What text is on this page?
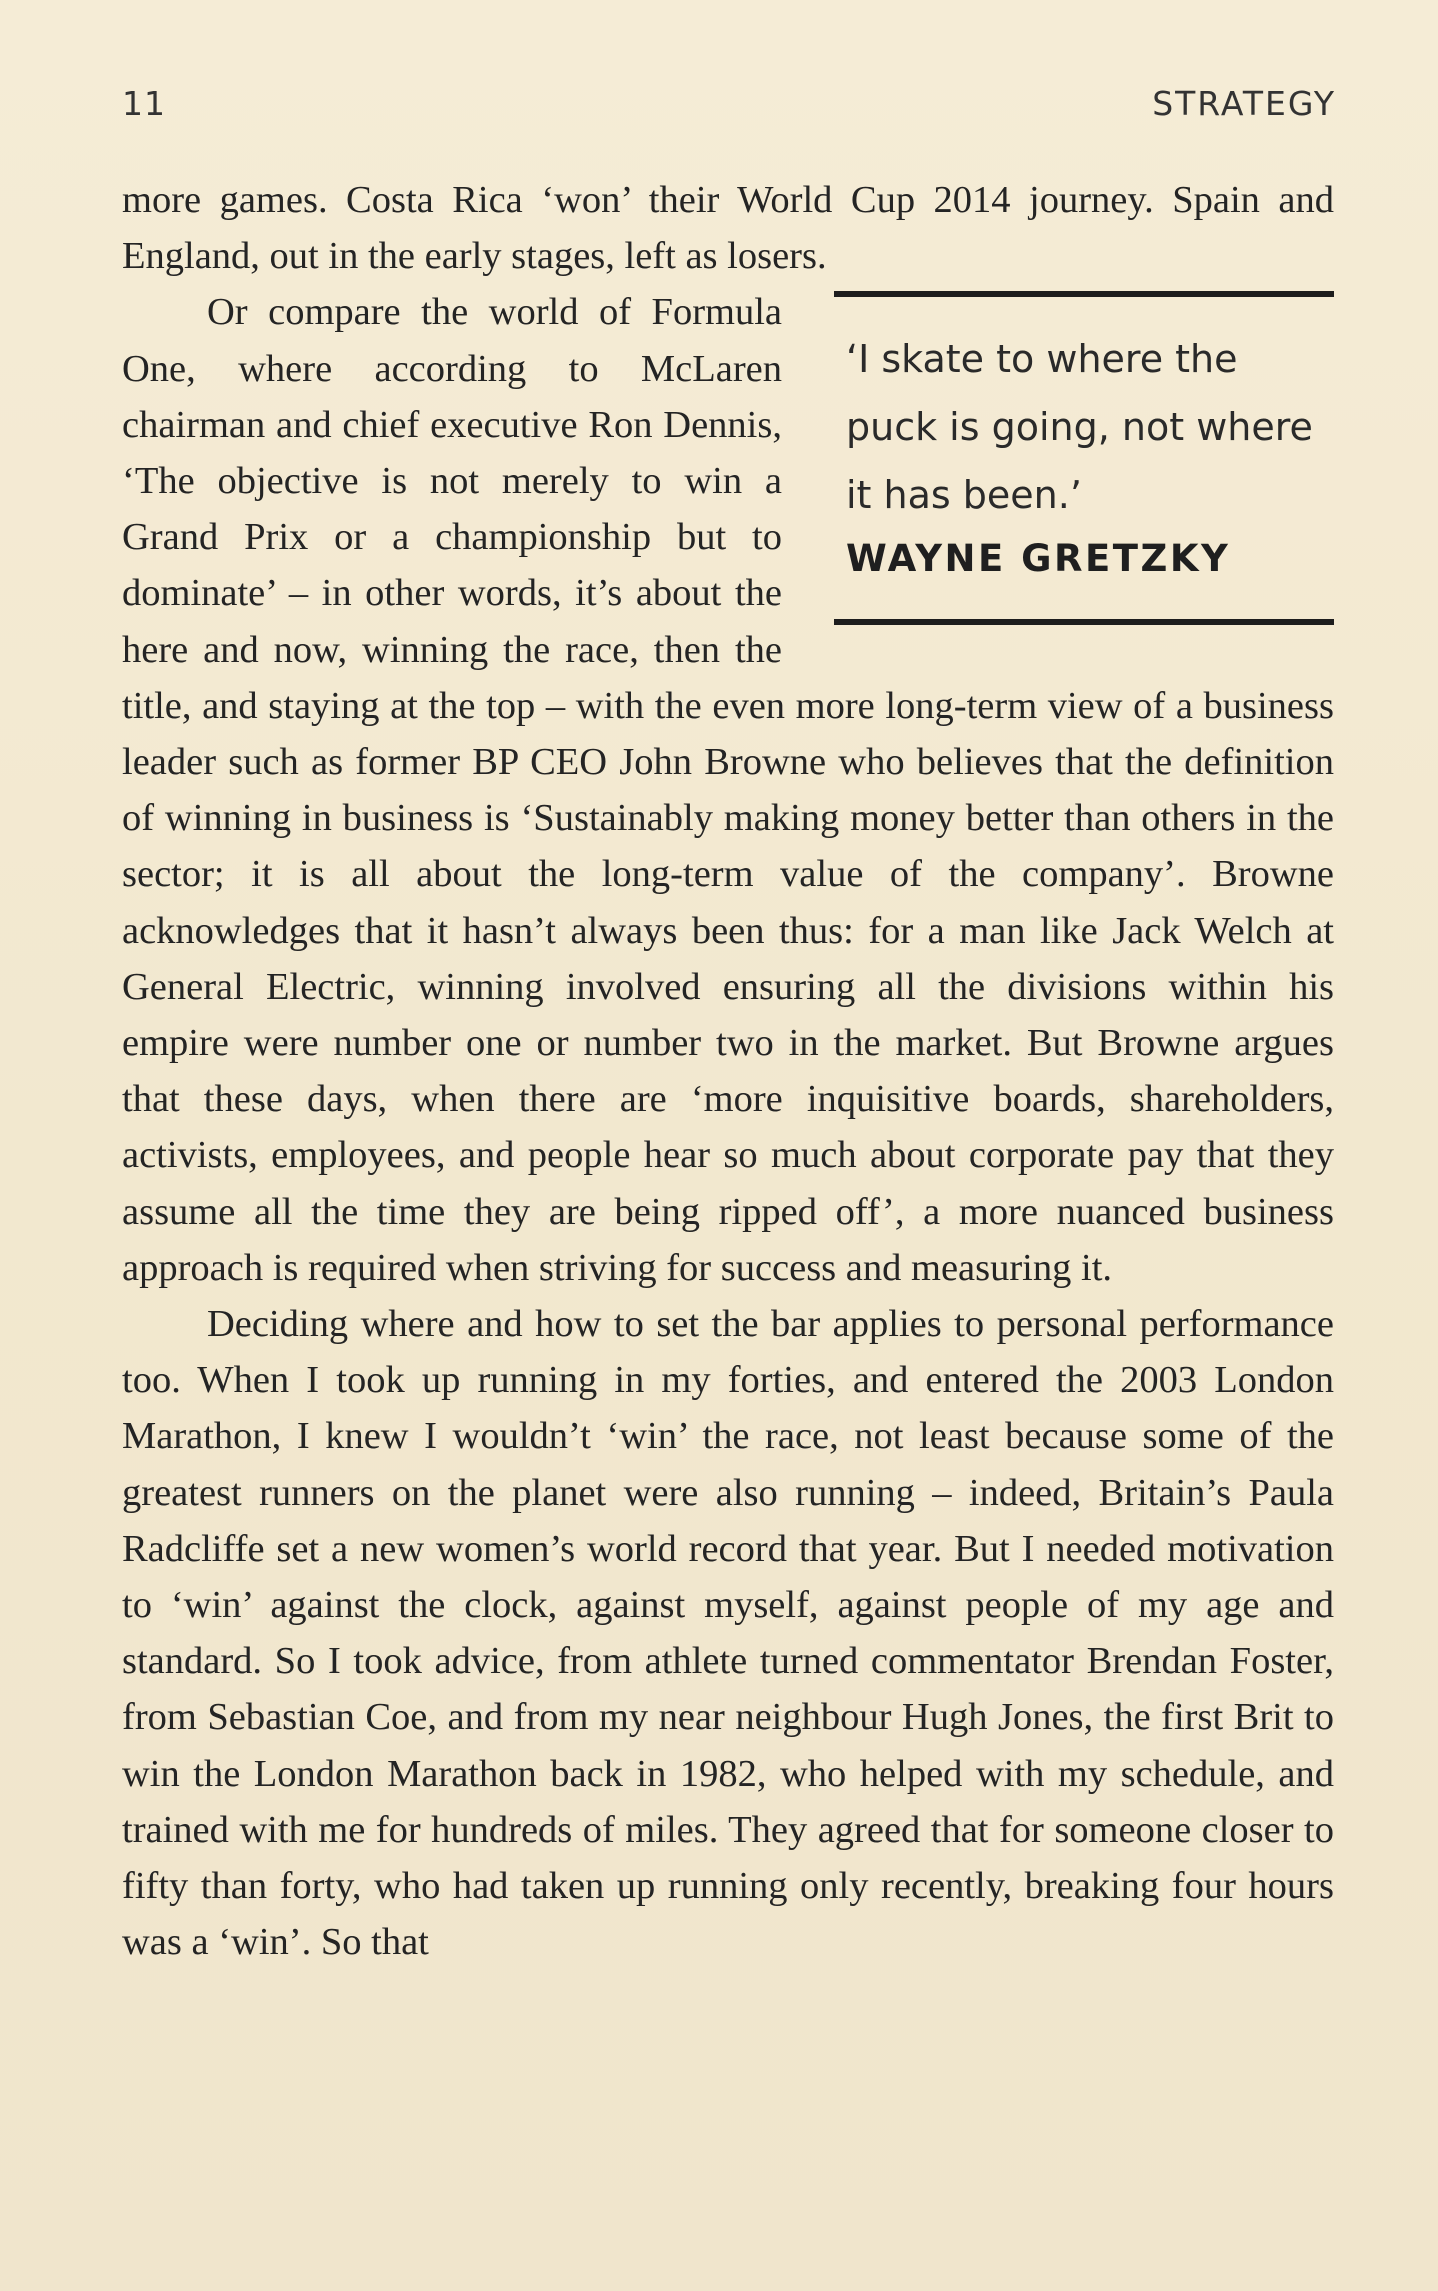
11	STRATEGY

more games. Costa Rica ‘won’ their World Cup 2014 journey. Spain and England, out in the early stages, left as losers.

‘I skate to where the puck is going, not where it has been.’
WAYNE GRETZKY

Or compare the world of Formula One, where according to McLaren chairman and chief executive Ron Dennis, ‘The objective is not merely to win a Grand Prix or a championship but to dominate’ – in other words, it’s about the here and now, winning the race, then the title, and staying at the top – with the even more long-term view of a business leader such as former BP CEO John Browne who believes that the definition of winning in business is ‘Sustainably making money better than others in the sector; it is all about the long-term value of the company’. Browne acknowledges that it hasn’t always been thus: for a man like Jack Welch at General Electric, winning involved ensuring all the divisions within his empire were number one or number two in the market. But Browne argues that these days, when there are ‘more inquisitive boards, shareholders, activists, employees, and people hear so much about corporate pay that they assume all the time they are being ripped off’, a more nuanced business approach is required when striving for success and measuring it.

Deciding where and how to set the bar applies to personal performance too. When I took up running in my forties, and entered the 2003 London Marathon, I knew I wouldn’t ‘win’ the race, not least because some of the greatest runners on the planet were also running – indeed, Britain’s Paula Radcliffe set a new women’s world record that year. But I needed motivation to ‘win’ against the clock, against myself, against people of my age and standard. So I took advice, from athlete turned commentator Brendan Foster, from Sebastian Coe, and from my near neighbour Hugh Jones, the first Brit to win the London Marathon back in 1982, who helped with my schedule, and trained with me for hundreds of miles. They agreed that for someone closer to fifty than forty, who had taken up running only recently, breaking four hours was a ‘win’. So that
